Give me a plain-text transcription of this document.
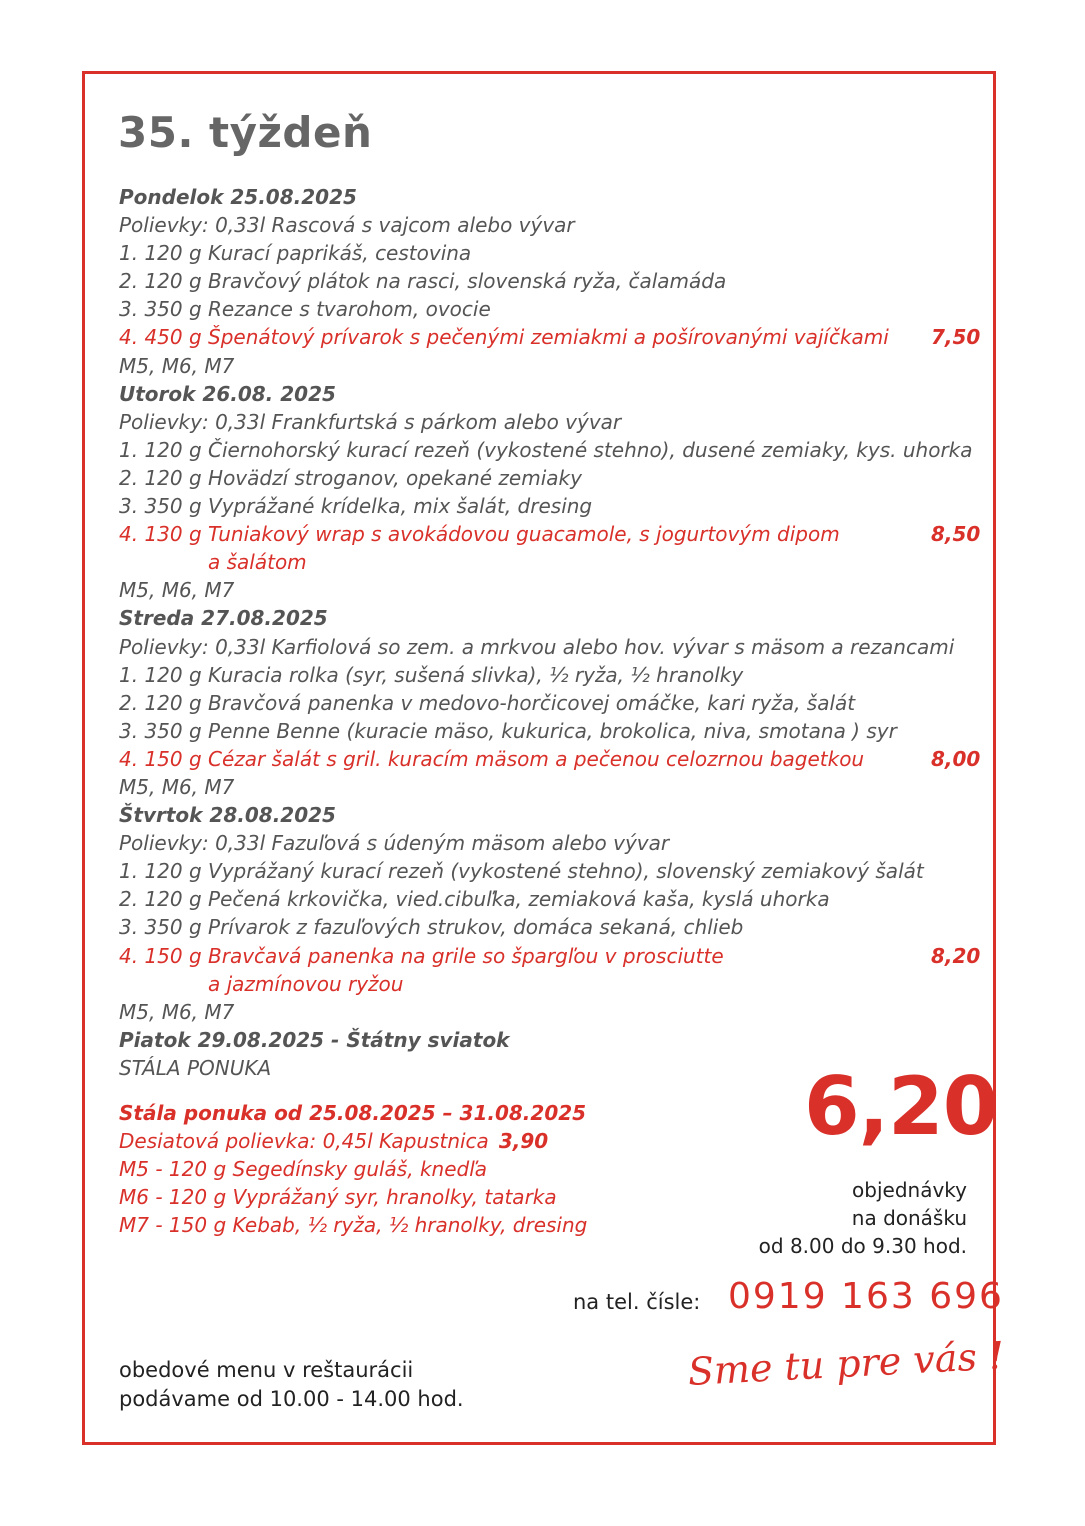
35. týždeň
Pondelok 25.08.2025
Polievky: 0,33l Rascová s vajcom alebo vývar
1. 120 g Kurací paprikáš, cestovina
2. 120 g Bravčový plátok na rasci, slovenská ryža, čalamáda
3. 350 g Rezance s tvarohom, ovocie
4. 450 g Špenátový prívarok s pečenými zemiakmi a pošírovanými vajíčkami 7,50
M5, M6, M7
Utorok 26.08. 2025
Polievky: 0,33l Frankfurtská s párkom alebo vývar
1. 120 g Čiernohorský kurací rezeň (vykostené stehno), dusené zemiaky, kys. uhorka
2. 120 g Hovädzí stroganov, opekané zemiaky
3. 350 g Vyprážané krídelka, mix šalát, dresing
4. 130 g Tuniakový wrap s avokádovou guacamole, s jogurtovým dipom	8,50
a šalátom
M5, M6, M7
Streda 27.08.2025
Polievky: 0,33l Karfiolová so zem. a mrkvou alebo hov. vývar s mäsom a rezancami
1. 120 g Kuracia rolka (syr, sušená slivka), ½ ryža, ½ hranolky
2. 120 g Bravčová panenka v medovo-horčicovej omáčke, kari ryža, šalát
3. 350 g Penne Benne (kuracie mäso, kukurica, brokolica, niva, smotana ) syr
4. 150 g Cézar šalát s gril. kuracím mäsom a pečenou celozrnou bagetkou	8,00
M5, M6, M7
Štvrtok 28.08.2025
Polievky: 0,33l Fazuľová s údeným mäsom alebo vývar
1. 120 g Vyprážaný kurací rezeň (vykostené stehno), slovenský zemiakový šalát
2. 120 g Pečená krkovička, vied.cibuľka, zemiaková kaša, kyslá uhorka
3. 350 g Prívarok z fazuľových strukov, domáca sekaná, chlieb
4. 150 g Bravčavá panenka na grile so špargľou v prosciutte	8,20
a jazmínovou ryžou
M5, M6, M7
Piatok 29.08.2025 - Štátny sviatok
STÁLA PONUKA
Stála ponuka od 25.08.2025 – 31.08.2025
Desiatová polievka: 0,45l Kapustnica 3,90
M5 - 120 g Segedínsky guláš, knedľa
M6 - 120 g Vyprážaný syr, hranolky, tatarka
M7 - 150 g Kebab, ½ ryža, ½ hranolky, dresing
6,20
objednávky
na donášku
od 8.00 do 9.30 hod.
na tel. čísle: 0919 163 696
obedové menu v reštaurácii
podávame od 10.00 - 14.00 hod.
Sme tu pre vás !
